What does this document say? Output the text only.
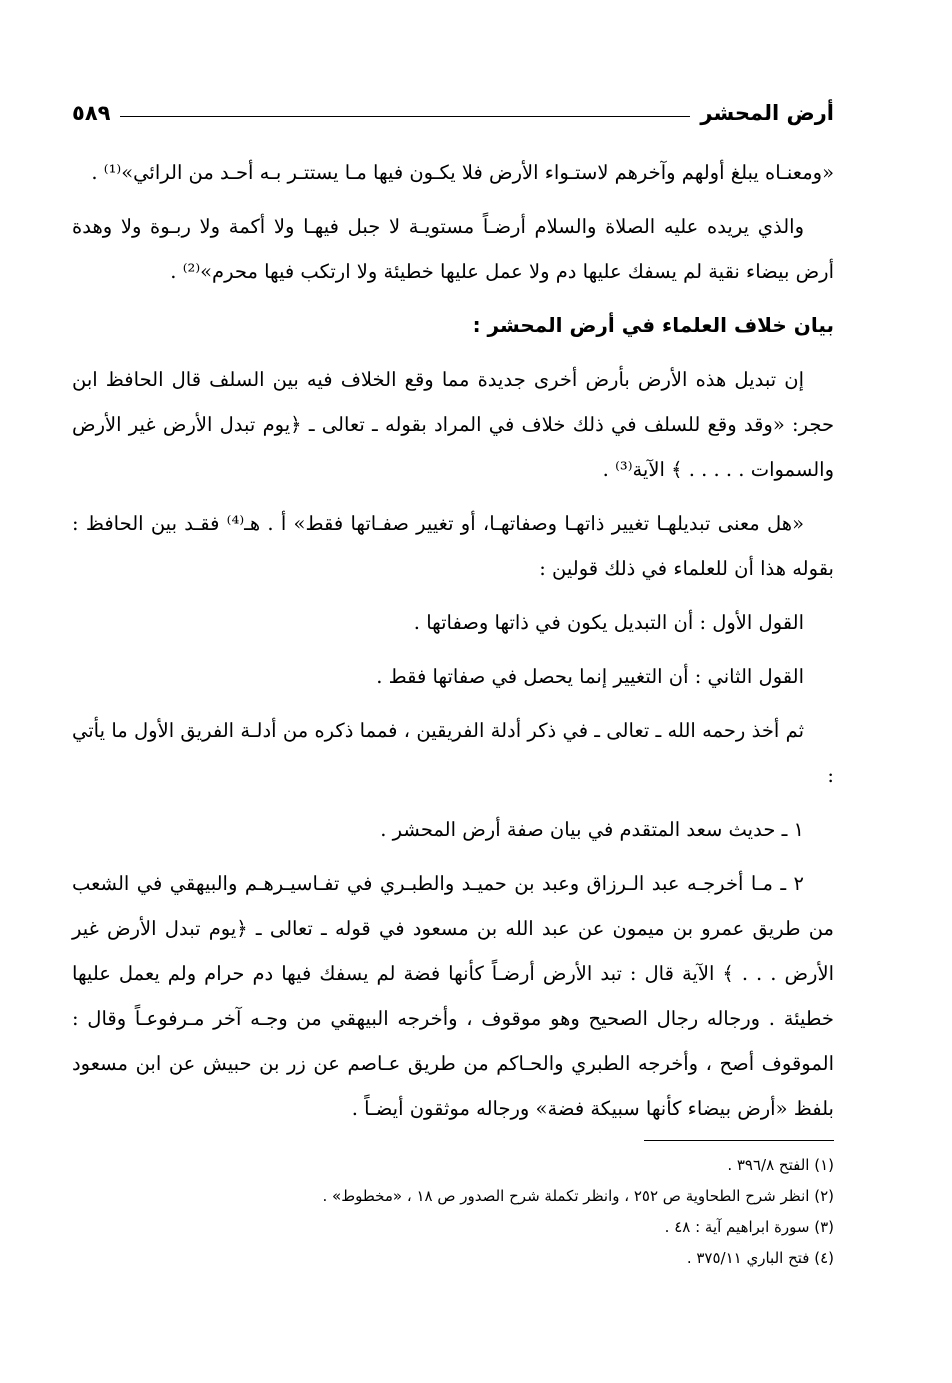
أرض المحشر
٥٨٩

«ومعنـاه يبلغ أولهم وآخرهم لاستـواء الأرض فلا يكـون فيها مـا يستتـر بـه أحـد من الرائي»⁽¹⁾ .

والذي يريده عليه الصلاة والسلام أرضـاً مستويـة لا جبل فيهـا ولا أكمة ولا ربـوة ولا وهدة أرض بيضاء نقية لم يسفك عليها دم ولا عمل عليها خطيئة ولا ارتكب فيها محرم»⁽²⁾ .

بيان خلاف العلماء في أرض المحشر :

إن تبديل هذه الأرض بأرض أخرى جديدة مما وقع الخلاف فيه بين السلف قال الحافظ ابن حجر: «وقد وقع للسلف في ذلك خلاف في المراد بقوله ـ تعالى ـ ﴿يوم تبدل الأرض غير الأرض والسموات . . . . . ﴾ الآية⁽³⁾ .

«هل معنى تبديلهـا تغيير ذاتهـا وصفاتهـا، أو تغيير صفـاتها فقط» أ . هـ⁽⁴⁾ فقـد بين الحافظ : بقوله هذا أن للعلماء في ذلك قولين :

القول الأول : أن التبديل يكون في ذاتها وصفاتها .

القول الثاني : أن التغيير إنما يحصل في صفاتها فقط .

ثم أخذ رحمه الله ـ تعالى ـ في ذكر أدلة الفريقين ، فمما ذكره من أدلـة الفريق الأول ما يأتي :

١ ـ حديث سعد المتقدم في بيان صفة أرض المحشر .

٢ ـ مـا أخرجـه عبد الـرزاق وعبد بن حميـد والطبـري في تفـاسيـرهـم والبيهقي في الشعب من طريق عمرو بن ميمون عن عبد الله بن مسعود في قوله ـ تعالى ـ ﴿يوم تبدل الأرض غير الأرض . . . ﴾ الآية قال : تبد الأرض أرضـاً كأنها فضة لم يسفك فيها دم حرام ولم يعمل عليها خطيئة . ورجاله رجال الصحيح وهو موقوف ، وأخرجه البيهقي من وجـه آخر مـرفوعـاً وقال : الموقوف أصح ، وأخرجه الطبري والحـاكم من طريق عـاصم عن زر بن حبيش عن ابن مسعود بلفظ «أرض بيضاء كأنها سبيكة فضة» ورجاله موثقون أيضـاً .

(١) الفتح ٣٩٦/٨ .
(٢) انظر شرح الطحاوية ص ٢٥٢ ، وانظر تكملة شرح الصدور ص ١٨ ، «مخطوط» .
(٣) سورة ابراهيم آية : ٤٨ .
(٤) فتح الباري ٣٧٥/١١ .
